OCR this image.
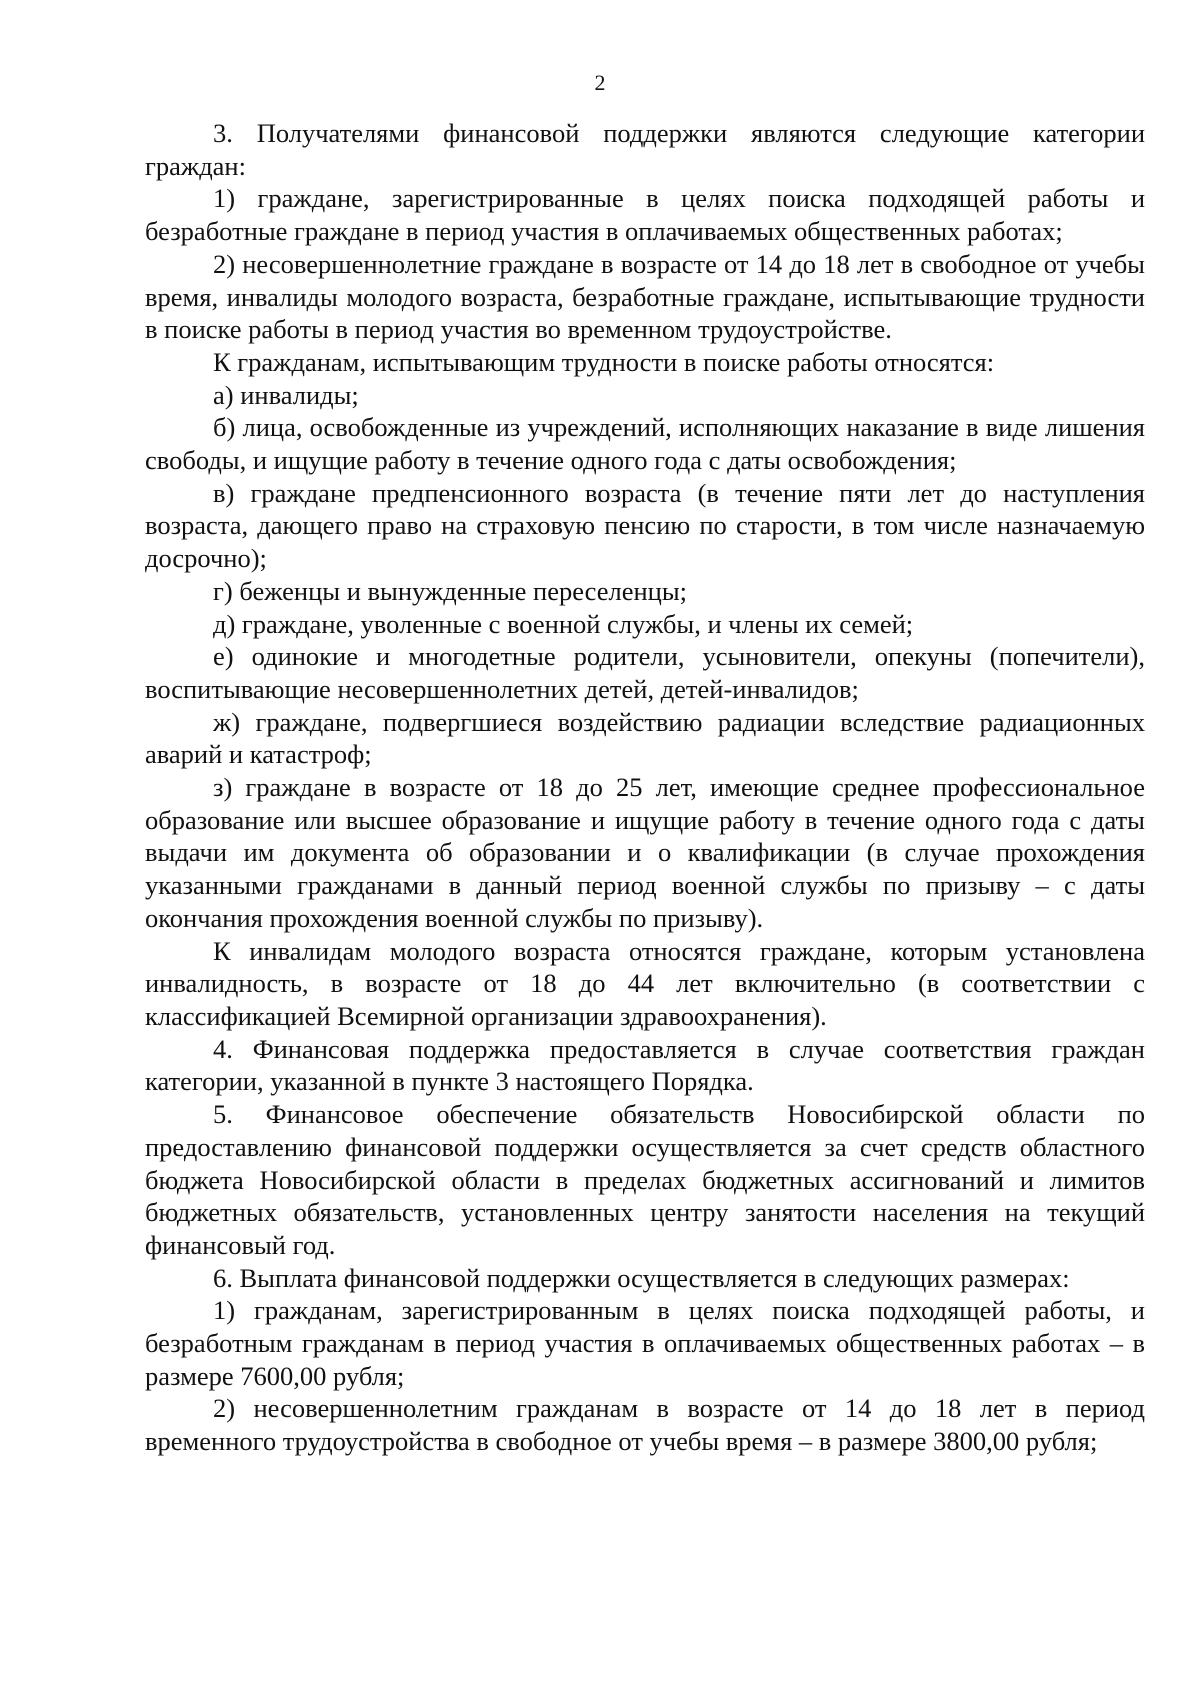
2

3. Получателями финансовой поддержки являются следующие категории граждан:

1) граждане, зарегистрированные в целях поиска подходящей работы и безработные граждане в период участия в оплачиваемых общественных работах;

2) несовершеннолетние граждане в возрасте от 14 до 18 лет в свободное от учебы время, инвалиды молодого возраста, безработные граждане, испытывающие трудности в поиске работы в период участия во временном трудоустройстве.

К гражданам, испытывающим трудности в поиске работы относятся:

а) инвалиды;

б) лица, освобожденные из учреждений, исполняющих наказание в виде лишения свободы, и ищущие работу в течение одного года с даты освобождения;

в) граждане предпенсионного возраста (в течение пяти лет до наступления возраста, дающего право на страховую пенсию по старости, в том числе назначаемую досрочно);

г) беженцы и вынужденные переселенцы;

д) граждане, уволенные с военной службы, и члены их семей;

е) одинокие и многодетные родители, усыновители, опекуны (попечители), воспитывающие несовершеннолетних детей, детей-инвалидов;

ж) граждане, подвергшиеся воздействию радиации вследствие радиационных аварий и катастроф;

з) граждане в возрасте от 18 до 25 лет, имеющие среднее профессиональное образование или высшее образование и ищущие работу в течение одного года с даты выдачи им документа об образовании и о квалификации (в случае прохождения указанными гражданами в данный период военной службы по призыву – с даты окончания прохождения военной службы по призыву).

К инвалидам молодого возраста относятся граждане, которым установлена инвалидность, в возрасте от 18 до 44 лет включительно (в соответствии с классификацией Всемирной организации здравоохранения).

4. Финансовая поддержка предоставляется в случае соответствия граждан категории, указанной в пункте 3 настоящего Порядка.

5. Финансовое обеспечение обязательств Новосибирской области по предоставлению финансовой поддержки осуществляется за счет средств областного бюджета Новосибирской области в пределах бюджетных ассигнований и лимитов бюджетных обязательств, установленных центру занятости населения на текущий финансовый год.

6. Выплата финансовой поддержки осуществляется в следующих размерах:

1) гражданам, зарегистрированным в целях поиска подходящей работы, и безработным гражданам в период участия в оплачиваемых общественных работах – в размере 7600,00 рубля;

2) несовершеннолетним гражданам в возрасте от 14 до 18 лет в период временного трудоустройства в свободное от учебы время – в размере 3800,00 рубля;
